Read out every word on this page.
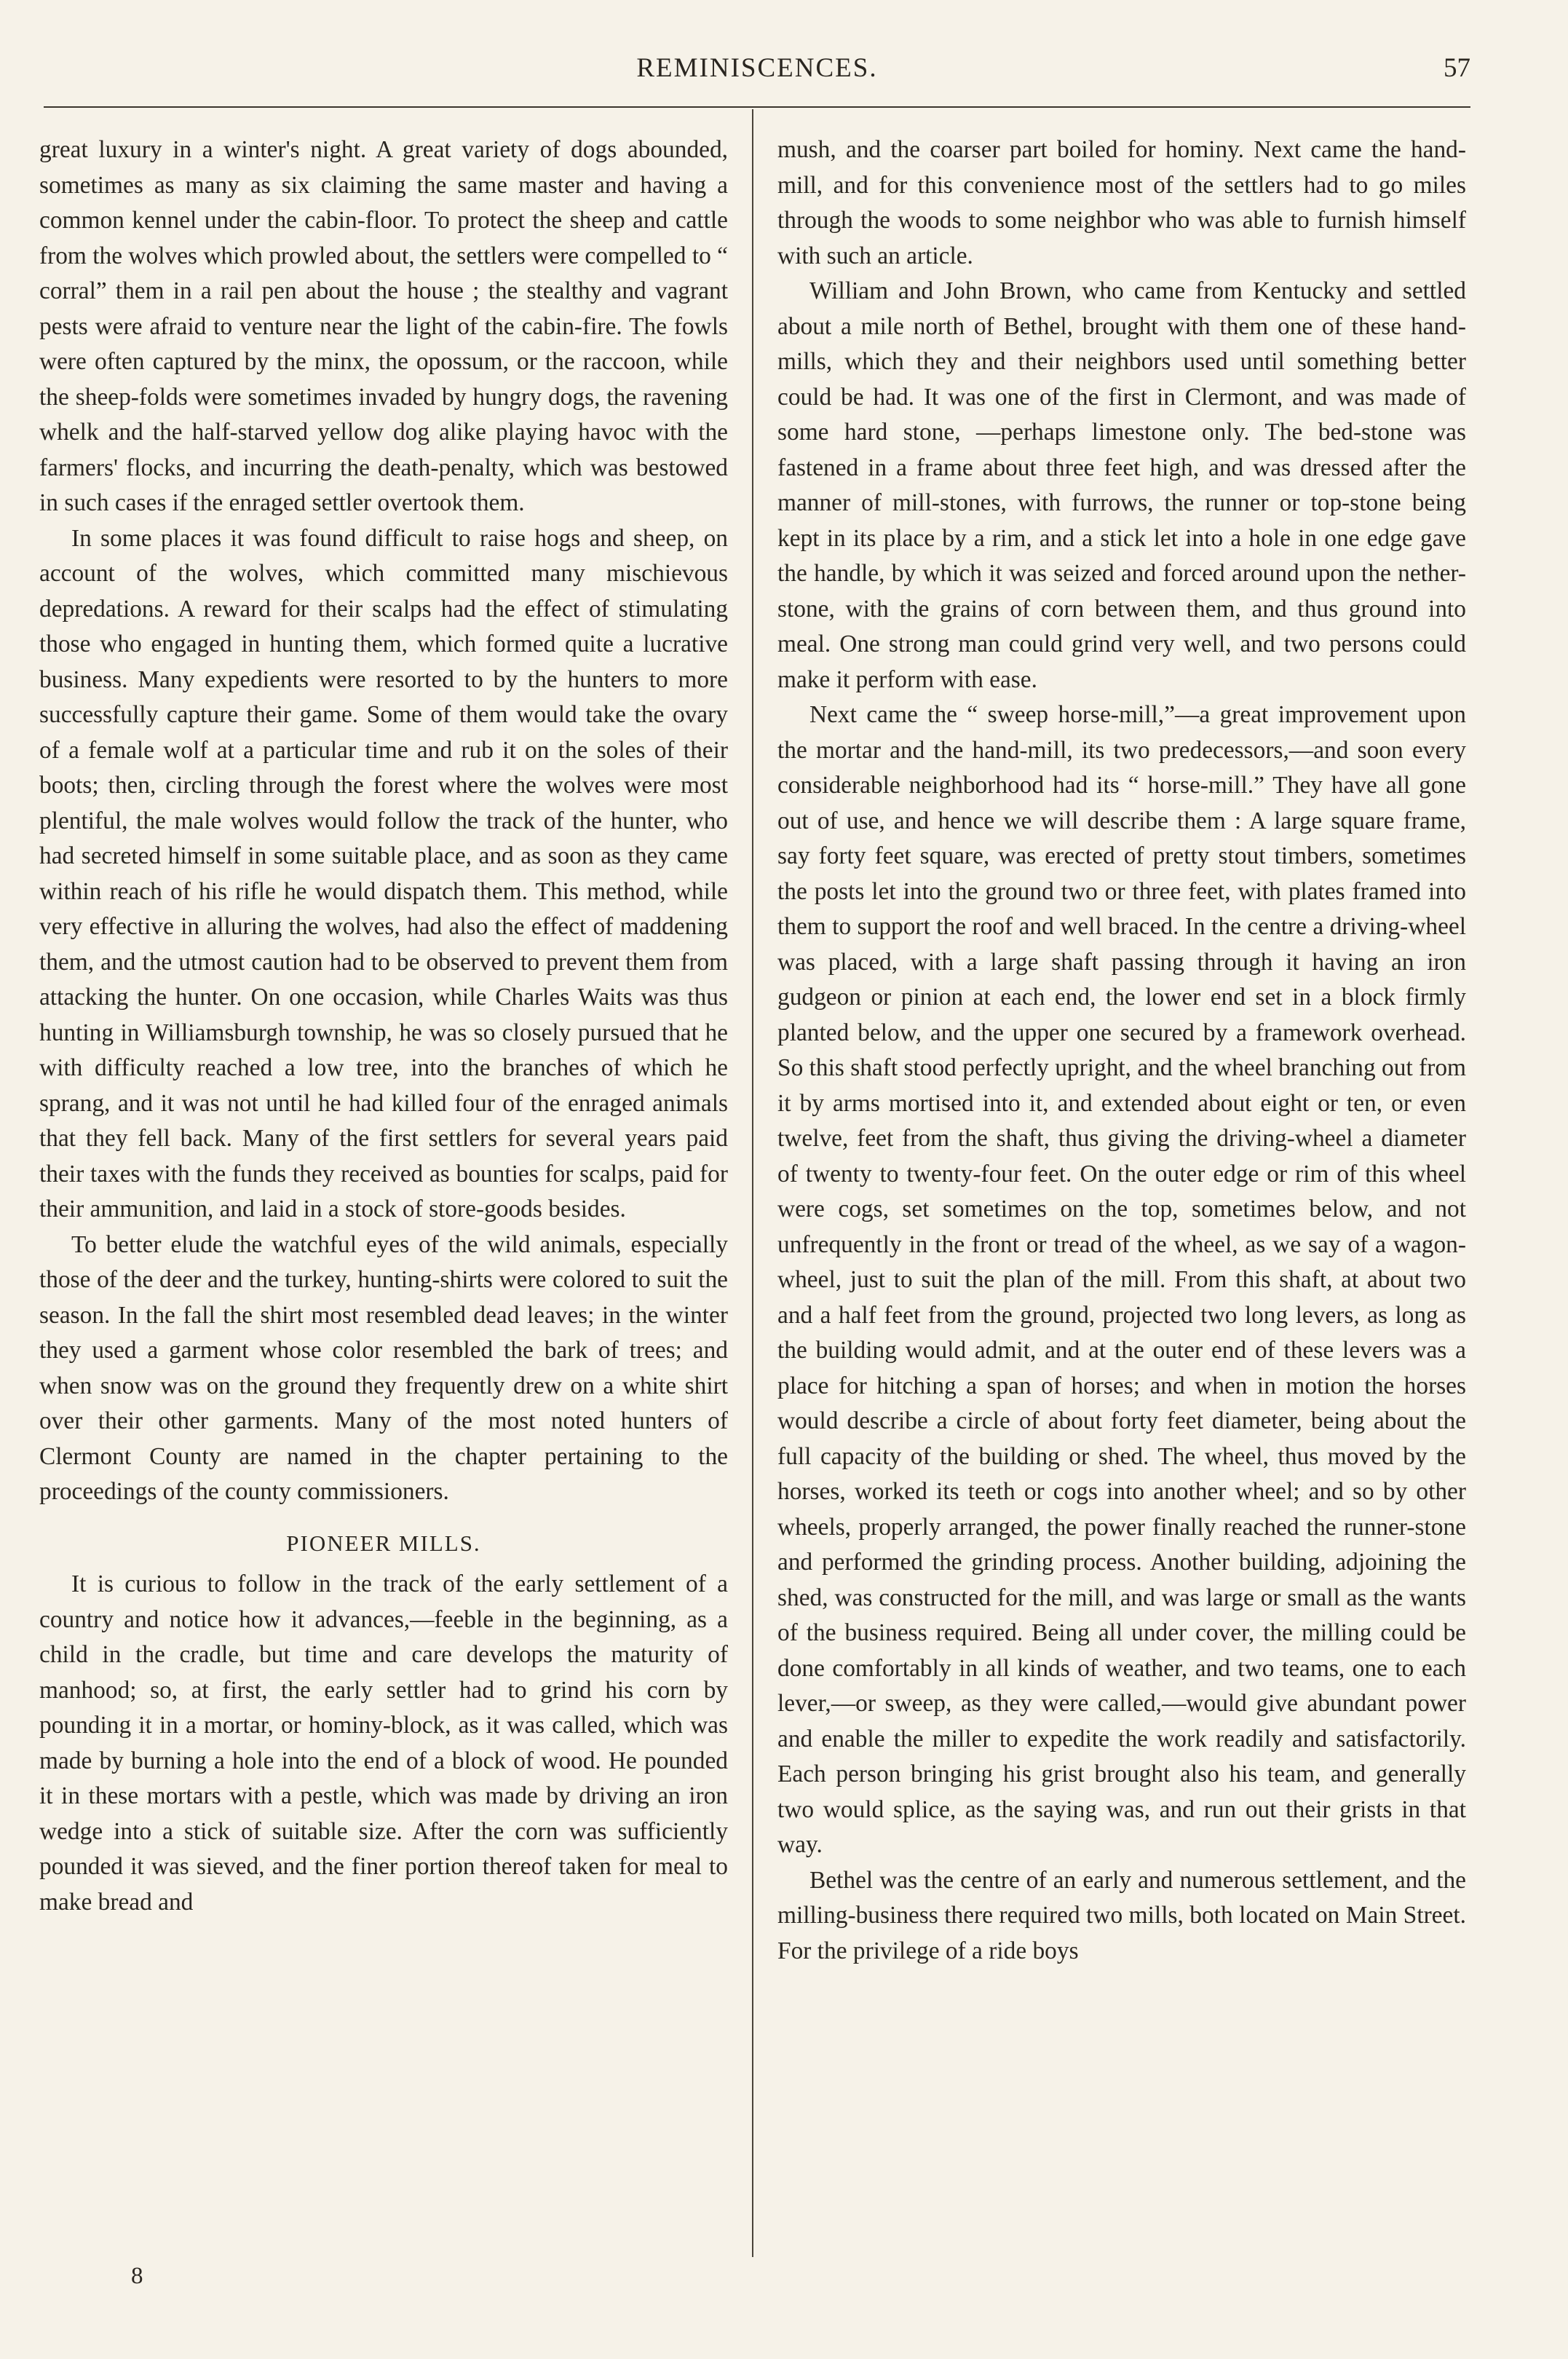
REMINISCENCES.	57

great luxury in a winter's night. A great variety of dogs abounded, sometimes as many as six claiming the same master and having a common kennel under the cabin-floor. To protect the sheep and cattle from the wolves which prowled about, the settlers were compelled to “ corral” them in a rail pen about the house ; the stealthy and vagrant pests were afraid to venture near the light of the cabin-fire. The fowls were often captured by the minx, the opossum, or the raccoon, while the sheep-folds were sometimes invaded by hungry dogs, the ravening whelk and the half-starved yellow dog alike playing havoc with the farmers' flocks, and incurring the death-penalty, which was bestowed in such cases if the enraged settler overtook them.

In some places it was found difficult to raise hogs and sheep, on account of the wolves, which committed many mischievous depredations. A reward for their scalps had the effect of stimulating those who engaged in hunting them, which formed quite a lucrative business. Many expedients were resorted to by the hunters to more successfully capture their game. Some of them would take the ovary of a female wolf at a particular time and rub it on the soles of their boots; then, circling through the forest where the wolves were most plentiful, the male wolves would follow the track of the hunter, who had secreted himself in some suitable place, and as soon as they came within reach of his rifle he would dispatch them. This method, while very effective in alluring the wolves, had also the effect of maddening them, and the utmost caution had to be observed to prevent them from attacking the hunter. On one occasion, while Charles Waits was thus hunting in Williamsburgh township, he was so closely pursued that he with difficulty reached a low tree, into the branches of which he sprang, and it was not until he had killed four of the enraged animals that they fell back. Many of the first settlers for several years paid their taxes with the funds they received as bounties for scalps, paid for their ammunition, and laid in a stock of store-goods besides.

To better elude the watchful eyes of the wild animals, especially those of the deer and the turkey, hunting-shirts were colored to suit the season. In the fall the shirt most resembled dead leaves; in the winter they used a garment whose color resembled the bark of trees; and when snow was on the ground they frequently drew on a white shirt over their other garments. Many of the most noted hunters of Clermont County are named in the chapter pertaining to the proceedings of the county commissioners.

PIONEER MILLS.

It is curious to follow in the track of the early settlement of a country and notice how it advances,—feeble in the beginning, as a child in the cradle, but time and care develops the maturity of manhood; so, at first, the early settler had to grind his corn by pounding it in a mortar, or hominy-block, as it was called, which was made by burning a hole into the end of a block of wood. He pounded it in these mortars with a pestle, which was made by driving an iron wedge into a stick of suitable size. After the corn was sufficiently pounded it was sieved, and the finer portion thereof taken for meal to make bread and

mush, and the coarser part boiled for hominy. Next came the hand-mill, and for this convenience most of the settlers had to go miles through the woods to some neighbor who was able to furnish himself with such an article.

William and John Brown, who came from Kentucky and settled about a mile north of Bethel, brought with them one of these hand-mills, which they and their neighbors used until something better could be had. It was one of the first in Clermont, and was made of some hard stone, —perhaps limestone only. The bed-stone was fastened in a frame about three feet high, and was dressed after the manner of mill-stones, with furrows, the runner or top-stone being kept in its place by a rim, and a stick let into a hole in one edge gave the handle, by which it was seized and forced around upon the nether-stone, with the grains of corn between them, and thus ground into meal. One strong man could grind very well, and two persons could make it perform with ease.

Next came the “ sweep horse-mill,”—a great improvement upon the mortar and the hand-mill, its two predecessors,—and soon every considerable neighborhood had its “ horse-mill.” They have all gone out of use, and hence we will describe them : A large square frame, say forty feet square, was erected of pretty stout timbers, sometimes the posts let into the ground two or three feet, with plates framed into them to support the roof and well braced. In the centre a driving-wheel was placed, with a large shaft passing through it having an iron gudgeon or pinion at each end, the lower end set in a block firmly planted below, and the upper one secured by a framework overhead. So this shaft stood perfectly upright, and the wheel branching out from it by arms mortised into it, and extended about eight or ten, or even twelve, feet from the shaft, thus giving the driving-wheel a diameter of twenty to twenty-four feet. On the outer edge or rim of this wheel were cogs, set sometimes on the top, sometimes below, and not unfrequently in the front or tread of the wheel, as we say of a wagon-wheel, just to suit the plan of the mill. From this shaft, at about two and a half feet from the ground, projected two long levers, as long as the building would admit, and at the outer end of these levers was a place for hitching a span of horses; and when in motion the horses would describe a circle of about forty feet diameter, being about the full capacity of the building or shed. The wheel, thus moved by the horses, worked its teeth or cogs into another wheel; and so by other wheels, properly arranged, the power finally reached the runner-stone and performed the grinding process. Another building, adjoining the shed, was constructed for the mill, and was large or small as the wants of the business required. Being all under cover, the milling could be done comfortably in all kinds of weather, and two teams, one to each lever,—or sweep, as they were called,—would give abundant power and enable the miller to expedite the work readily and satisfactorily. Each person bringing his grist brought also his team, and generally two would splice, as the saying was, and run out their grists in that way.

Bethel was the centre of an early and numerous settlement, and the milling-business there required two mills, both located on Main Street. For the privilege of a ride boys

8
